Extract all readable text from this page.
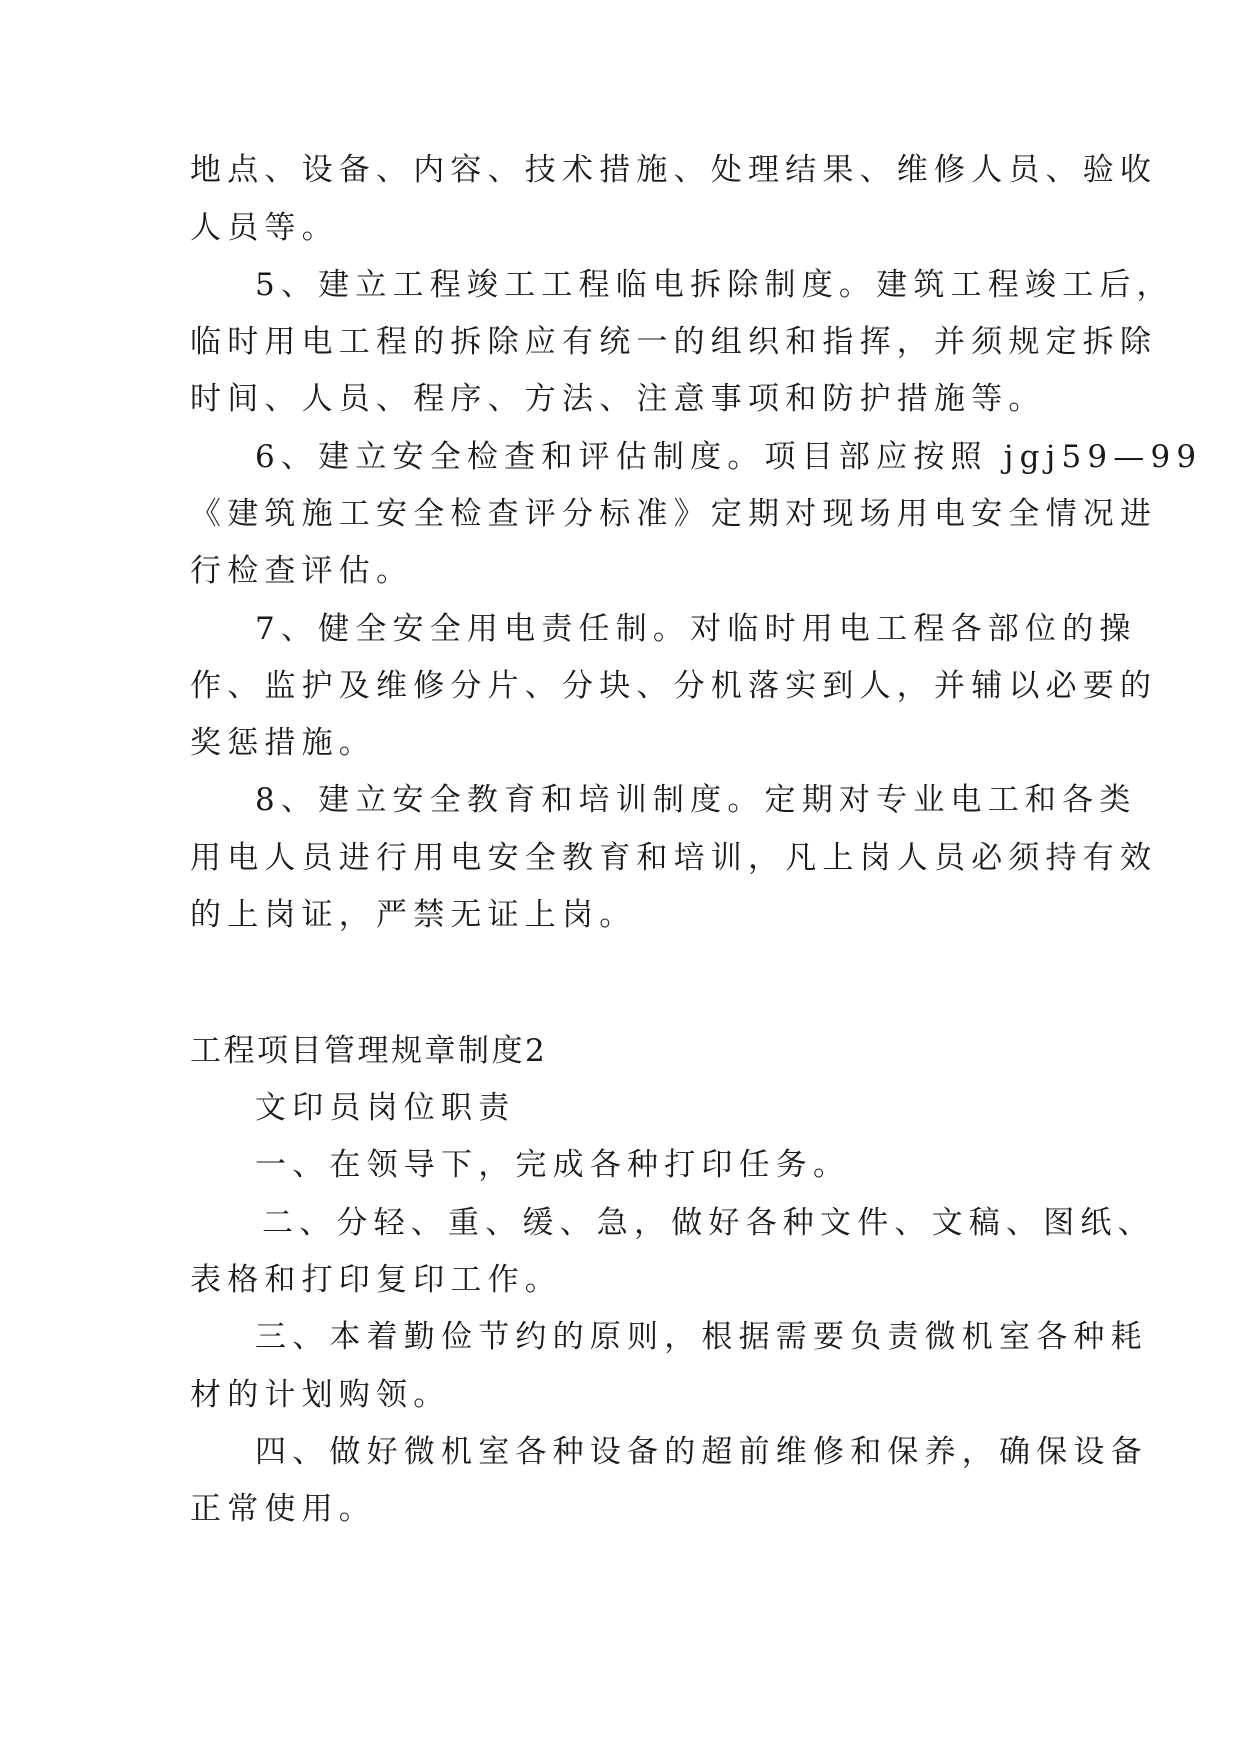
地点、设备、内容、技术措施、处理结果、维修人员、验收
人员等。
5、建立工程竣工工程临电拆除制度。建筑工程竣工后，
临时用电工程的拆除应有统一的组织和指挥，并须规定拆除
时间、人员、程序、方法、注意事项和防护措施等。
6、建立安全检查和评估制度。项目部应按照 jgj59—99
《建筑施工安全检查评分标准》定期对现场用电安全情况进
行检查评估。
7、健全安全用电责任制。对临时用电工程各部位的操
作、监护及维修分片、分块、分机落实到人，并辅以必要的
奖惩措施。
8、建立安全教育和培训制度。定期对专业电工和各类
用电人员进行用电安全教育和培训，凡上岗人员必须持有效
的上岗证，严禁无证上岗。
工程项目管理规章制度2
文印员岗位职责
一、在领导下，完成各种打印任务。
二、分轻、重、缓、急，做好各种文件、文稿、图纸、
表格和打印复印工作。
三、本着勤俭节约的原则，根据需要负责微机室各种耗
材的计划购领。
四、做好微机室各种设备的超前维修和保养，确保设备
正常使用。
